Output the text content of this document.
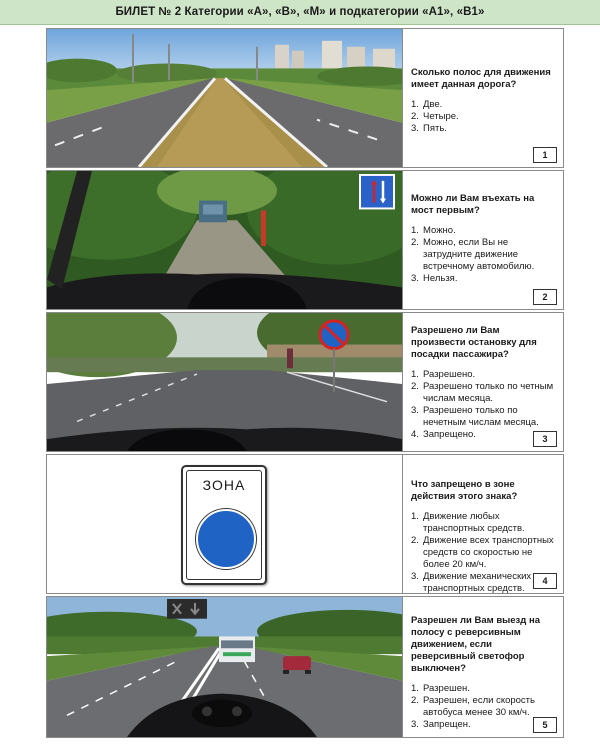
БИЛЕТ № 2 Категории «А», «В», «М» и подкатегории «А1», «В1»
Сколько полос для движения имеет данная дорога?
1. Две.
2. Четыре.
3. Пять.
1
Можно ли Вам въехать на мост первым?
1. Можно.
2. Можно, если Вы не затрудните движение встречному автомобилю.
3. Нельзя.
2
Разрешено ли Вам произвести остановку для посадки пассажира?
1. Разрешено.
2. Разрешено только по четным числам месяца.
3. Разрешено только по нечетным числам месяца.
4. Запрещено.	3
ЗОНА	Что запрещено в зоне действия этого знака?
1. Движение любых транспортных средств.
2. Движение всех транспортных средств со скоростью не более 20 км/ч.
3. Движение механических транспортных средств.
4
Разрешен ли Вам выезд на полосу с реверсивным движением, если реверсивный светофор выключен?
1. Разрешен.
2. Разрешен, если скорость автобуса менее 30 км/ч.
3. Запрещен.	5
